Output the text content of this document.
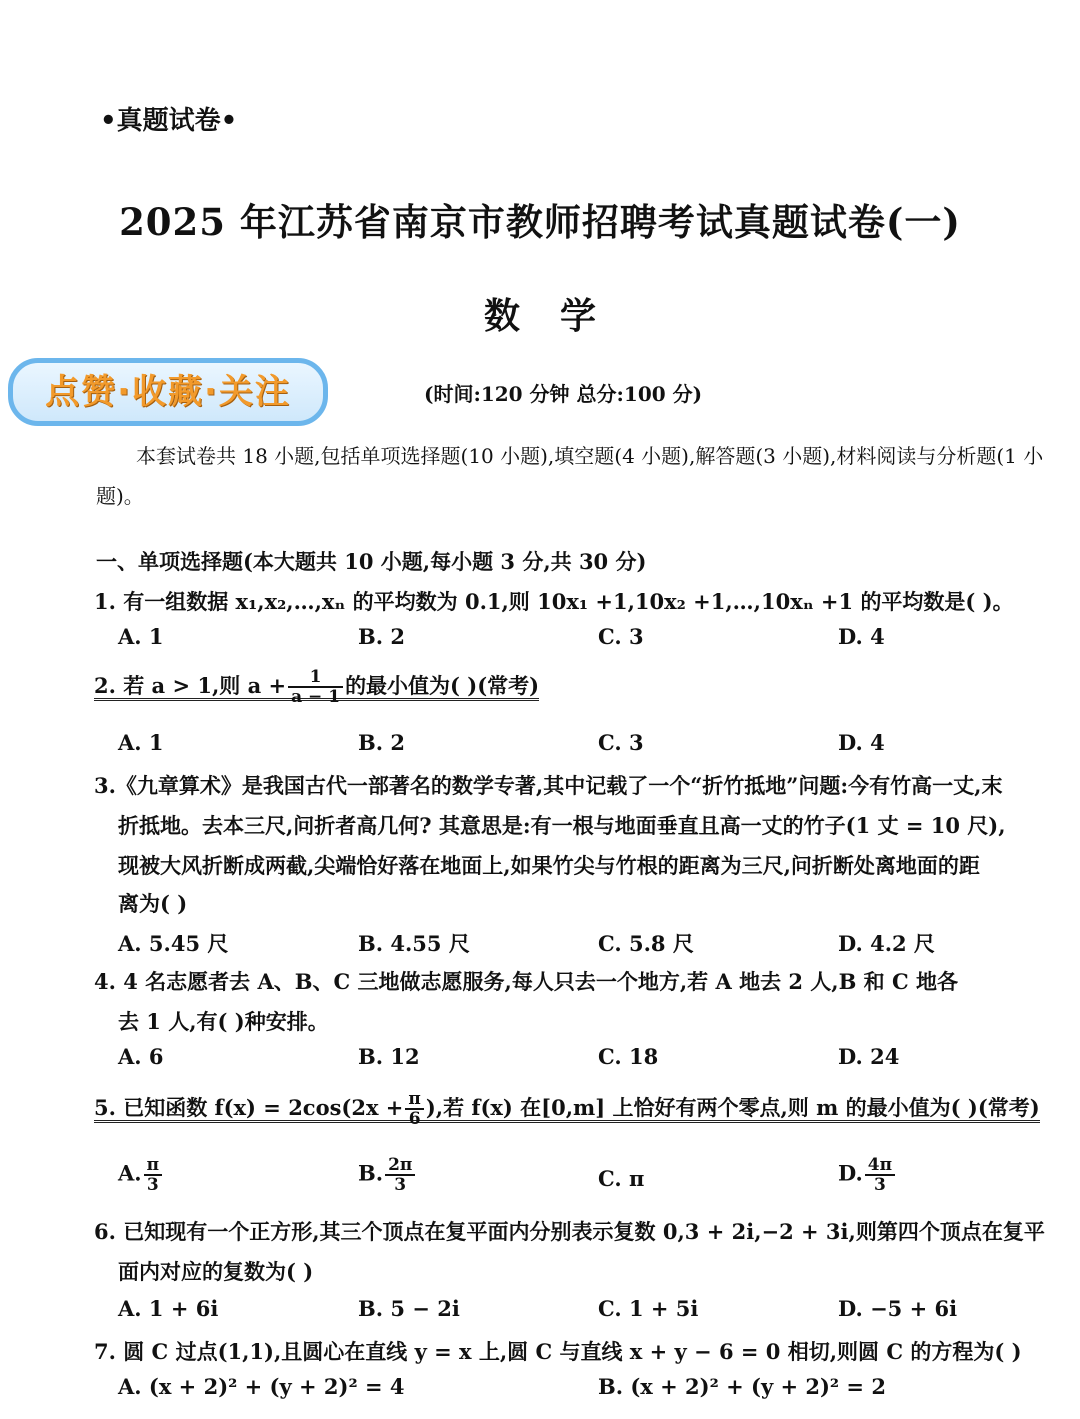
•真题试卷•
2025 年江苏省南京市教师招聘考试真题试卷(一)
数学
点赞·收藏·关注	(时间:120 分钟 总分:100 分)
本套试卷共 18 小题,包括单项选择题(10 小题),填空题(4 小题),解答题(3 小题),材料阅读与分析题(1 小题)。
一、单项选择题(本大题共 10 小题,每小题 3 分,共 30 分)
1. 有一组数据 x₁,x₂,…,xₙ 的平均数为 0.1,则 10x₁ +1,10x₂ +1,…,10xₙ +1 的平均数是( )。
A. 1	B. 2	C. 3	D. 4
2. 若 a > 1,则 $a + \frac{1}{a - 1}$ 的最小值为( )(常考)
A. 1	B. 2	C. 3	D. 4
3.《九章算术》是我国古代一部著名的数学专著,其中记载了一个“折竹抵地”问题:今有竹高一丈,末
折抵地。去本三尺,问折者高几何? 其意思是:有一根与地面垂直且高一丈的竹子(1 丈 = 10 尺),
现被大风折断成两截,尖端恰好落在地面上,如果竹尖与竹根的距离为三尺,问折断处离地面的距
离为( )
A. 5.45 尺	B. 4.55 尺	C. 5.8 尺	D. 4.2 尺
4. 4 名志愿者去 A、B、C 三地做志愿服务,每人只去一个地方,若 A 地去 2 人,B 和 C 地各
去 1 人,有( )种安排。
A. 6	B. 12	C. 18	D. 24
5. 已知函数 $f(x) = 2\cos(2x + \frac{\pi}{6}$ ),若 f(x) 在[0,m] 上恰好有两个零点,则 m 的最小值为( )(常考)
A. $\frac{\pi}{3}$	B. $\frac{2\pi}{3}$	C. π	D. $\frac{4\pi}{3}$
6. 已知现有一个正方形,其三个顶点在复平面内分别表示复数 0,3 + 2i,−2 + 3i,则第四个顶点在复平
面内对应的复数为( )
A. 1 + 6i	B. 5 − 2i	C. 1 + 5i	D. −5 + 6i
7. 圆 C 过点(1,1),且圆心在直线 y = x 上,圆 C 与直线 x + y − 6 = 0 相切,则圆 C 的方程为( )
A. (x + 2)² + (y + 2)² = 4	B. (x + 2)² + (y + 2)² = 2
